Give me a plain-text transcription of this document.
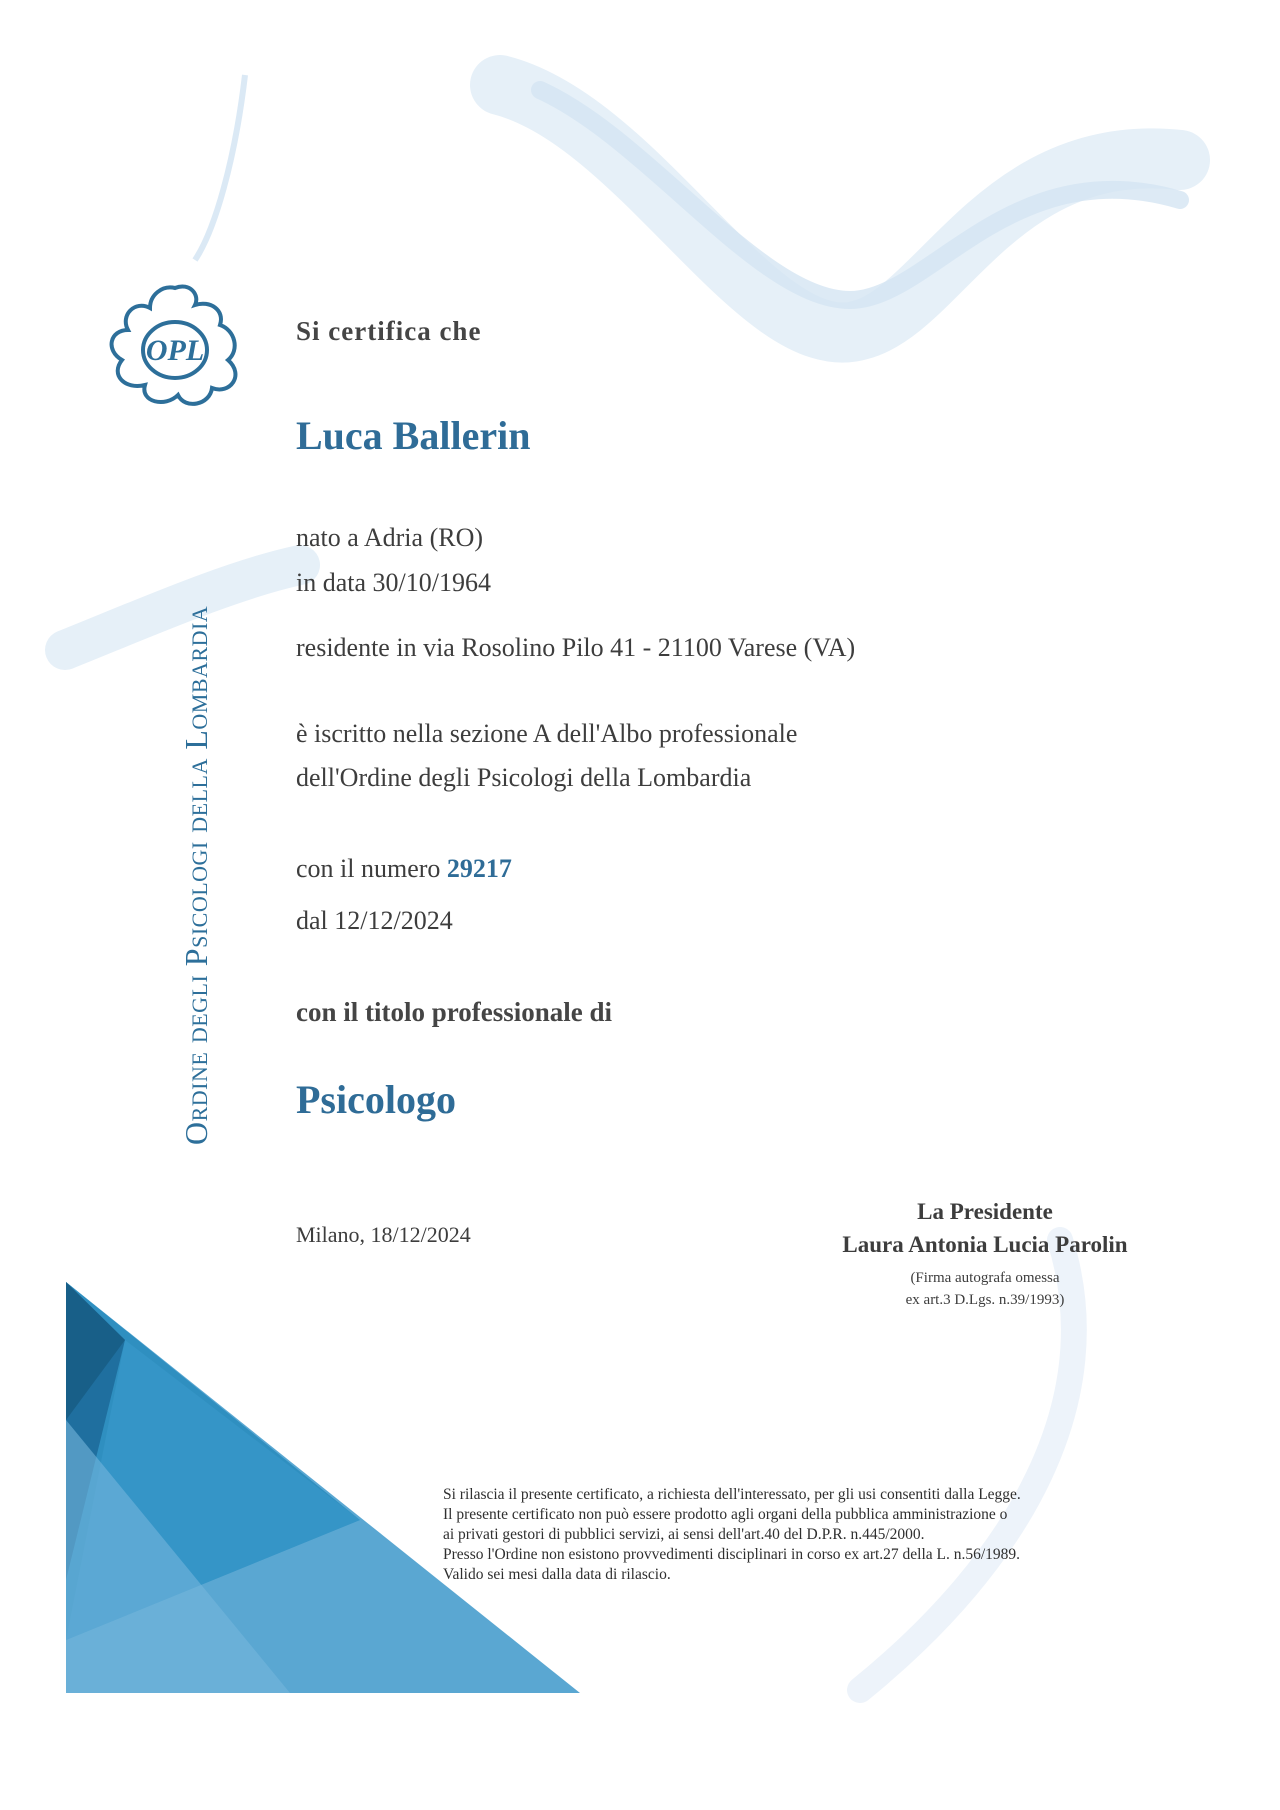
OPL
Ordine degli Psicologi della Lombardia
Si certifica che
Luca Ballerin
nato a Adria (RO)
in data 30/10/1964
residente in via Rosolino Pilo 41 - 21100 Varese (VA)
è iscritto nella sezione A dell'Albo professionale
dell'Ordine degli Psicologi della Lombardia
con il numero 29217
dal 12/12/2024
con il titolo professionale di
Psicologo
Milano, 18/12/2024
La Presidente
Laura Antonia Lucia Parolin
(Firma autografa omessa
ex art.3 D.Lgs. n.39/1993)
Si rilascia il presente certificato, a richiesta dell'interessato, per gli usi consentiti dalla Legge.
Il presente certificato non può essere prodotto agli organi della pubblica amministrazione o
ai privati gestori di pubblici servizi, ai sensi dell'art.40 del D.P.R. n.445/2000.
Presso l'Ordine non esistono provvedimenti disciplinari in corso ex art.27 della L. n.56/1989.
Valido sei mesi dalla data di rilascio.
